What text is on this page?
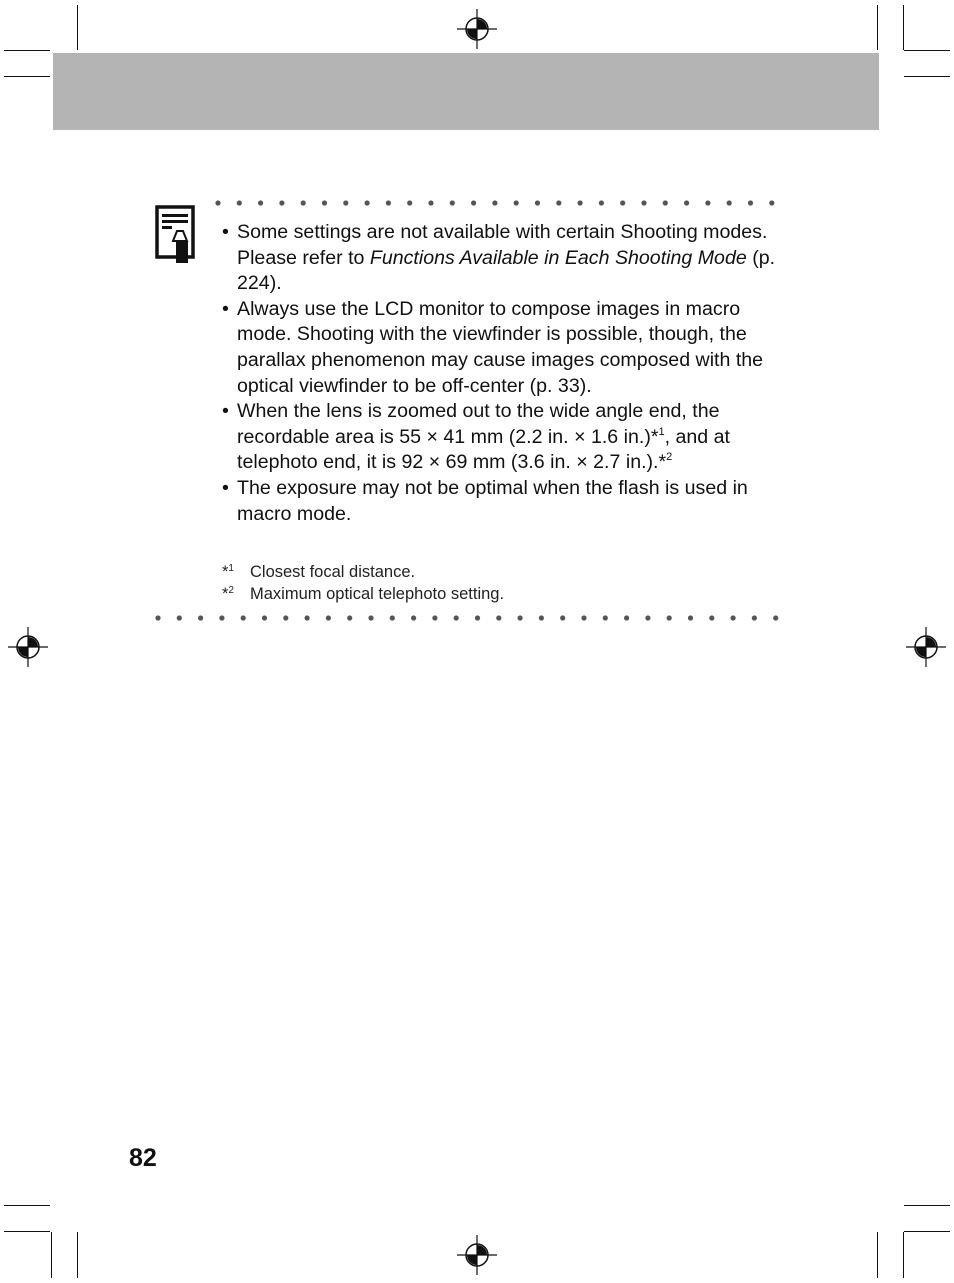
• Some settings are not available with certain Shooting modes. Please refer to Functions Available in Each Shooting Mode (p. 224).
• Always use the LCD monitor to compose images in macro mode. Shooting with the viewfinder is possible, though, the parallax phenomenon may cause images composed with the optical viewfinder to be off-center (p. 33).
• When the lens is zoomed out to the wide angle end, the recordable area is 55 × 41 mm (2.2 in. × 1.6 in.)*$^1$, and at telephoto end, it is 92 × 69 mm (3.6 in. × 2.7 in.).*$^2$
• The exposure may not be optimal when the flash is used in macro mode.
*$^1$ Closest focal distance.
*$^2$ Maximum optical telephoto setting.
82
